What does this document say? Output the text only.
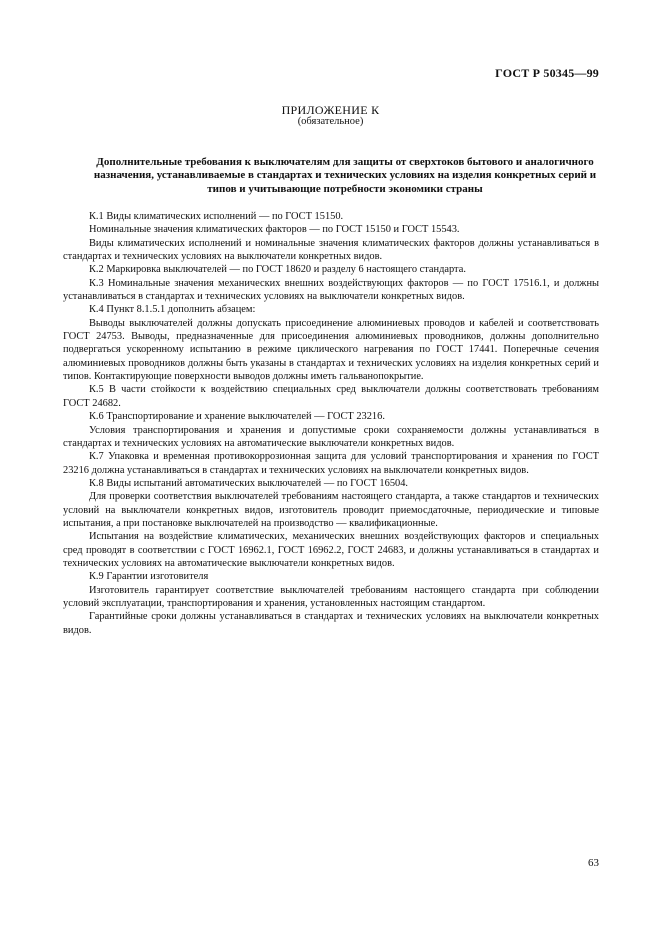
ГОСТ Р 50345—99
ПРИЛОЖЕНИЕ К
(обязательное)
Дополнительные требования к выключателям для защиты от сверхтоков бытового и аналогичного назначения, устанавливаемые в стандартах и технических условиях на изделия конкретных серий и типов и учитывающие потребности экономики страны

К.1 Виды климатических исполнений — по ГОСТ 15150.

Номинальные значения климатических факторов — по ГОСТ 15150 и ГОСТ 15543.

Виды климатических исполнений и номинальные значения климатических факторов должны устанавливаться в стандартах и технических условиях на выключатели конкретных видов.

К.2 Маркировка выключателей — по ГОСТ 18620 и разделу 6 настоящего стандарта.

К.3 Номинальные значения механических внешних воздействующих факторов — по ГОСТ 17516.1, и должны устанавливаться в стандартах и технических условиях на выключатели конкретных видов.

К.4 Пункт 8.1.5.1 дополнить абзацем:

Выводы выключателей должны допускать присоединение алюминиевых проводов и кабелей и соответствовать ГОСТ 24753. Выводы, предназначенные для присоединения алюминиевых проводников, должны дополнительно подвергаться ускоренному испытанию в режиме циклического нагревания по ГОСТ 17441. Поперечные сечения алюминиевых проводников должны быть указаны в стандартах и технических условиях на изделия конкретных серий и типов. Контактирующие поверхности выводов должны иметь гальванопокрытие.

К.5 В части стойкости к воздействию специальных сред выключатели должны соответствовать требованиям ГОСТ 24682.

К.6 Транспортирование и хранение выключателей — ГОСТ 23216.

Условия транспортирования и хранения и допустимые сроки сохраняемости должны устанавливаться в стандартах и технических условиях на автоматические выключатели конкретных видов.

К.7 Упаковка и временная противокоррозионная защита для условий транспортирования и хранения по ГОСТ 23216 должна устанавливаться в стандартах и технических условиях на выключатели конкретных видов.

К.8 Виды испытаний автоматических выключателей — по ГОСТ 16504.

Для проверки соответствия выключателей требованиям настоящего стандарта, а также стандартов и технических условий на выключатели конкретных видов, изготовитель проводит приемосдаточные, периодические и типовые испытания, а при постановке выключателей на производство — квалификационные.

Испытания на воздействие климатических, механических внешних воздействующих факторов и специальных сред проводят в соответствии с ГОСТ 16962.1, ГОСТ 16962.2, ГОСТ 24683, и должны устанавливаться в стандартах и технических условиях на автоматические выключатели конкретных видов.

К.9 Гарантии изготовителя

Изготовитель гарантирует соответствие выключателей требованиям настоящего стандарта при соблюдении условий эксплуатации, транспортирования и хранения, установленных настоящим стандартом.

Гарантийные сроки должны устанавливаться в стандартах и технических условиях на выключатели конкретных видов.

63
